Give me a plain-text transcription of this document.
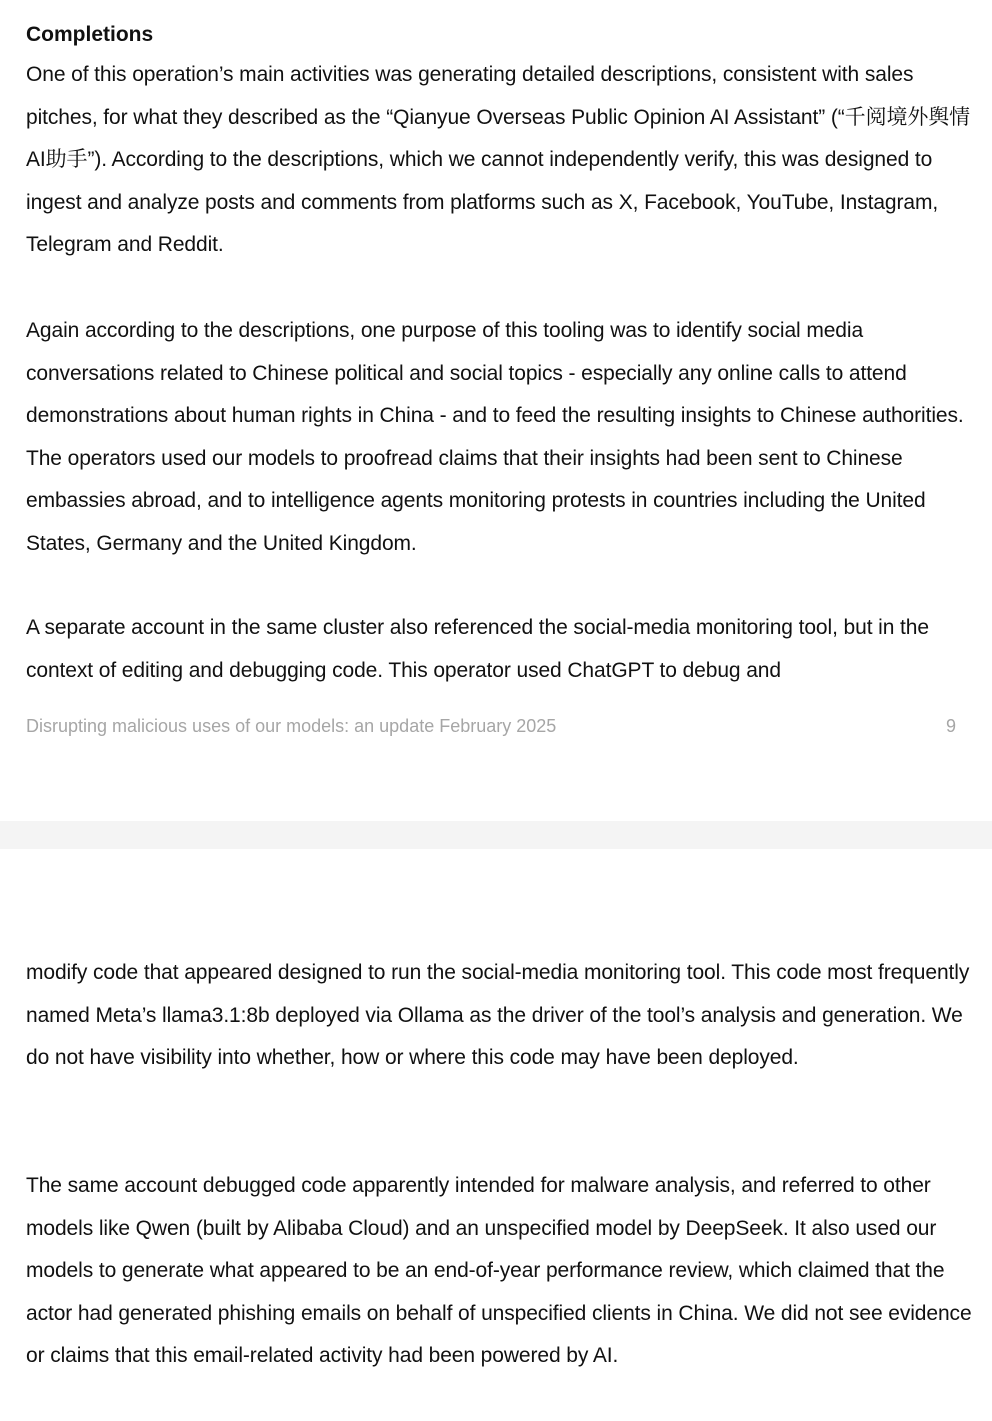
Completions

One of this operation’s main activities was generating detailed descriptions, consistent with sales pitches, for what they described as the “Qianyue Overseas Public Opinion AI Assistant” (“千阅境外舆情AI助手”). According to the descriptions, which we cannot independently verify, this was designed to ingest and analyze posts and comments from platforms such as X, Facebook, YouTube, Instagram, Telegram and Reddit.

Again according to the descriptions, one purpose of this tooling was to identify social media conversations related to Chinese political and social topics - especially any online calls to attend demonstrations about human rights in China - and to feed the resulting insights to Chinese authorities. The operators used our models to proofread claims that their insights had been sent to Chinese embassies abroad, and to intelligence agents monitoring protests in countries including the United States, Germany and the United Kingdom.

A separate account in the same cluster also referenced the social-media monitoring tool, but in the context of editing and debugging code. This operator used ChatGPT to debug and

Disrupting malicious uses of our models: an update February 2025	9

modify code that appeared designed to run the social-media monitoring tool. This code most frequently named Meta’s llama3.1:8b deployed via Ollama as the driver of the tool’s analysis and generation. We do not have visibility into whether, how or where this code may have been deployed.

The same account debugged code apparently intended for malware analysis, and referred to other models like Qwen (built by Alibaba Cloud) and an unspecified model by DeepSeek. It also used our models to generate what appeared to be an end-of-year performance review, which claimed that the actor had generated phishing emails on behalf of unspecified clients in China. We did not see evidence or claims that this email-related activity had been powered by AI.
